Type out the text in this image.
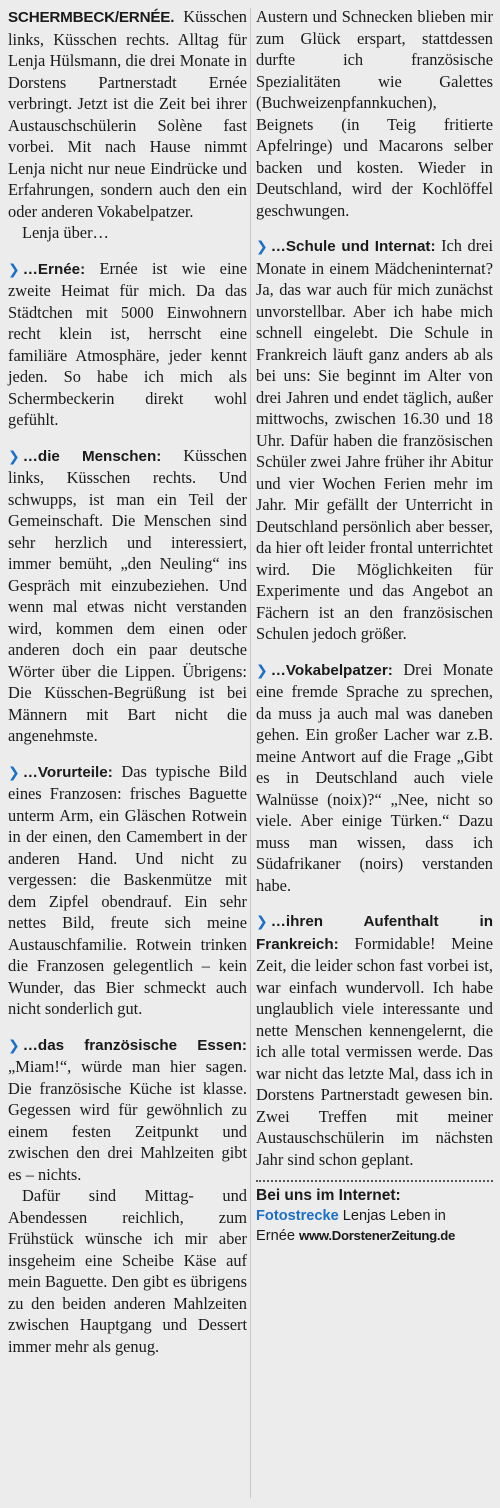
SCHERMBECK/ERNÉE. Küsschen links, Küsschen rechts. Alltag für Lenja Hülsmann, die drei Monate in Dorstens Partnerstadt Ernée verbringt. Jetzt ist die Zeit bei ihrer Austauschschülerin Solène fast vorbei. Mit nach Hause nimmt Lenja nicht nur neue Eindrücke und Erfahrungen, sondern auch den ein oder anderen Vokabelpatzer.

Lenja über…

❯ …Ernée: Ernée ist wie eine zweite Heimat für mich. Da das Städtchen mit 5000 Einwohnern recht klein ist, herrscht eine familiäre Atmosphäre, jeder kennt jeden. So habe ich mich als Schermbeckerin direkt wohl gefühlt.

❯ …die Menschen: Küsschen links, Küsschen rechts. Und schwupps, ist man ein Teil der Gemeinschaft. Die Menschen sind sehr herzlich und interessiert, immer bemüht, „den Neuling“ ins Gespräch mit einzubeziehen. Und wenn mal etwas nicht verstanden wird, kommen dem einen oder anderen doch ein paar deutsche Wörter über die Lippen. Übrigens: Die Küsschen-Begrüßung ist bei Männern mit Bart nicht die angenehmste.

❯ …Vorurteile: Das typische Bild eines Franzosen: frisches Baguette unterm Arm, ein Gläschen Rotwein in der einen, den Camembert in der anderen Hand. Und nicht zu vergessen: die Baskenmütze mit dem Zipfel obendrauf. Ein sehr nettes Bild, freute sich meine Austauschfamilie. Rotwein trinken die Franzosen gelegentlich – kein Wunder, das Bier schmeckt auch nicht sonderlich gut.

❯ …das französische Essen: „Miam!“, würde man hier sagen. Die französische Küche ist klasse. Gegessen wird für gewöhnlich zu einem festen Zeitpunkt und zwischen den drei Mahlzeiten gibt es – nichts.

Dafür sind Mittag- und Abendessen reichlich, zum Frühstück wünsche ich mir aber insgeheim eine Scheibe Käse auf mein Baguette. Den gibt es übrigens zu den beiden anderen Mahlzeiten zwischen Hauptgang und Dessert immer mehr als genug.

Austern und Schnecken blieben mir zum Glück erspart, stattdessen durfte ich französische Spezialitäten wie Galettes (Buchweizenpfannkuchen), Beignets (in Teig fritierte Apfelringe) und Macarons selber backen und kosten. Wieder in Deutschland, wird der Kochlöffel geschwungen.

❯ …Schule und Internat: Ich drei Monate in einem Mädcheninternat? Ja, das war auch für mich zunächst unvorstellbar. Aber ich habe mich schnell eingelebt. Die Schule in Frankreich läuft ganz anders ab als bei uns: Sie beginnt im Alter von drei Jahren und endet täglich, außer mittwochs, zwischen 16.30 und 18 Uhr. Dafür haben die französischen Schüler zwei Jahre früher ihr Abitur und vier Wochen Ferien mehr im Jahr. Mir gefällt der Unterricht in Deutschland persönlich aber besser, da hier oft leider frontal unterrichtet wird. Die Möglichkeiten für Experimente und das Angebot an Fächern ist an den französischen Schulen jedoch größer.

❯ …Vokabelpatzer: Drei Monate eine fremde Sprache zu sprechen, da muss ja auch mal was daneben gehen. Ein großer Lacher war z.B. meine Antwort auf die Frage „Gibt es in Deutschland auch viele Walnüsse (noix)?“ „Nee, nicht so viele. Aber einige Türken.“ Dazu muss man wissen, dass ich Südafrikaner (noirs) verstanden habe.

❯ …ihren Aufenthalt in Frankreich: Formidable! Meine Zeit, die leider schon fast vorbei ist, war einfach wundervoll. Ich habe unglaublich viele interessante und nette Menschen kennengelernt, die ich alle total vermissen werde. Das war nicht das letzte Mal, dass ich in Dorstens Partnerstadt gewesen bin. Zwei Treffen mit meiner Austauschschülerin im nächsten Jahr sind schon geplant.

Bei uns im Internet:
Fotostrecke Lenjas Leben in
Ernée www.DorstenerZeitung.de
